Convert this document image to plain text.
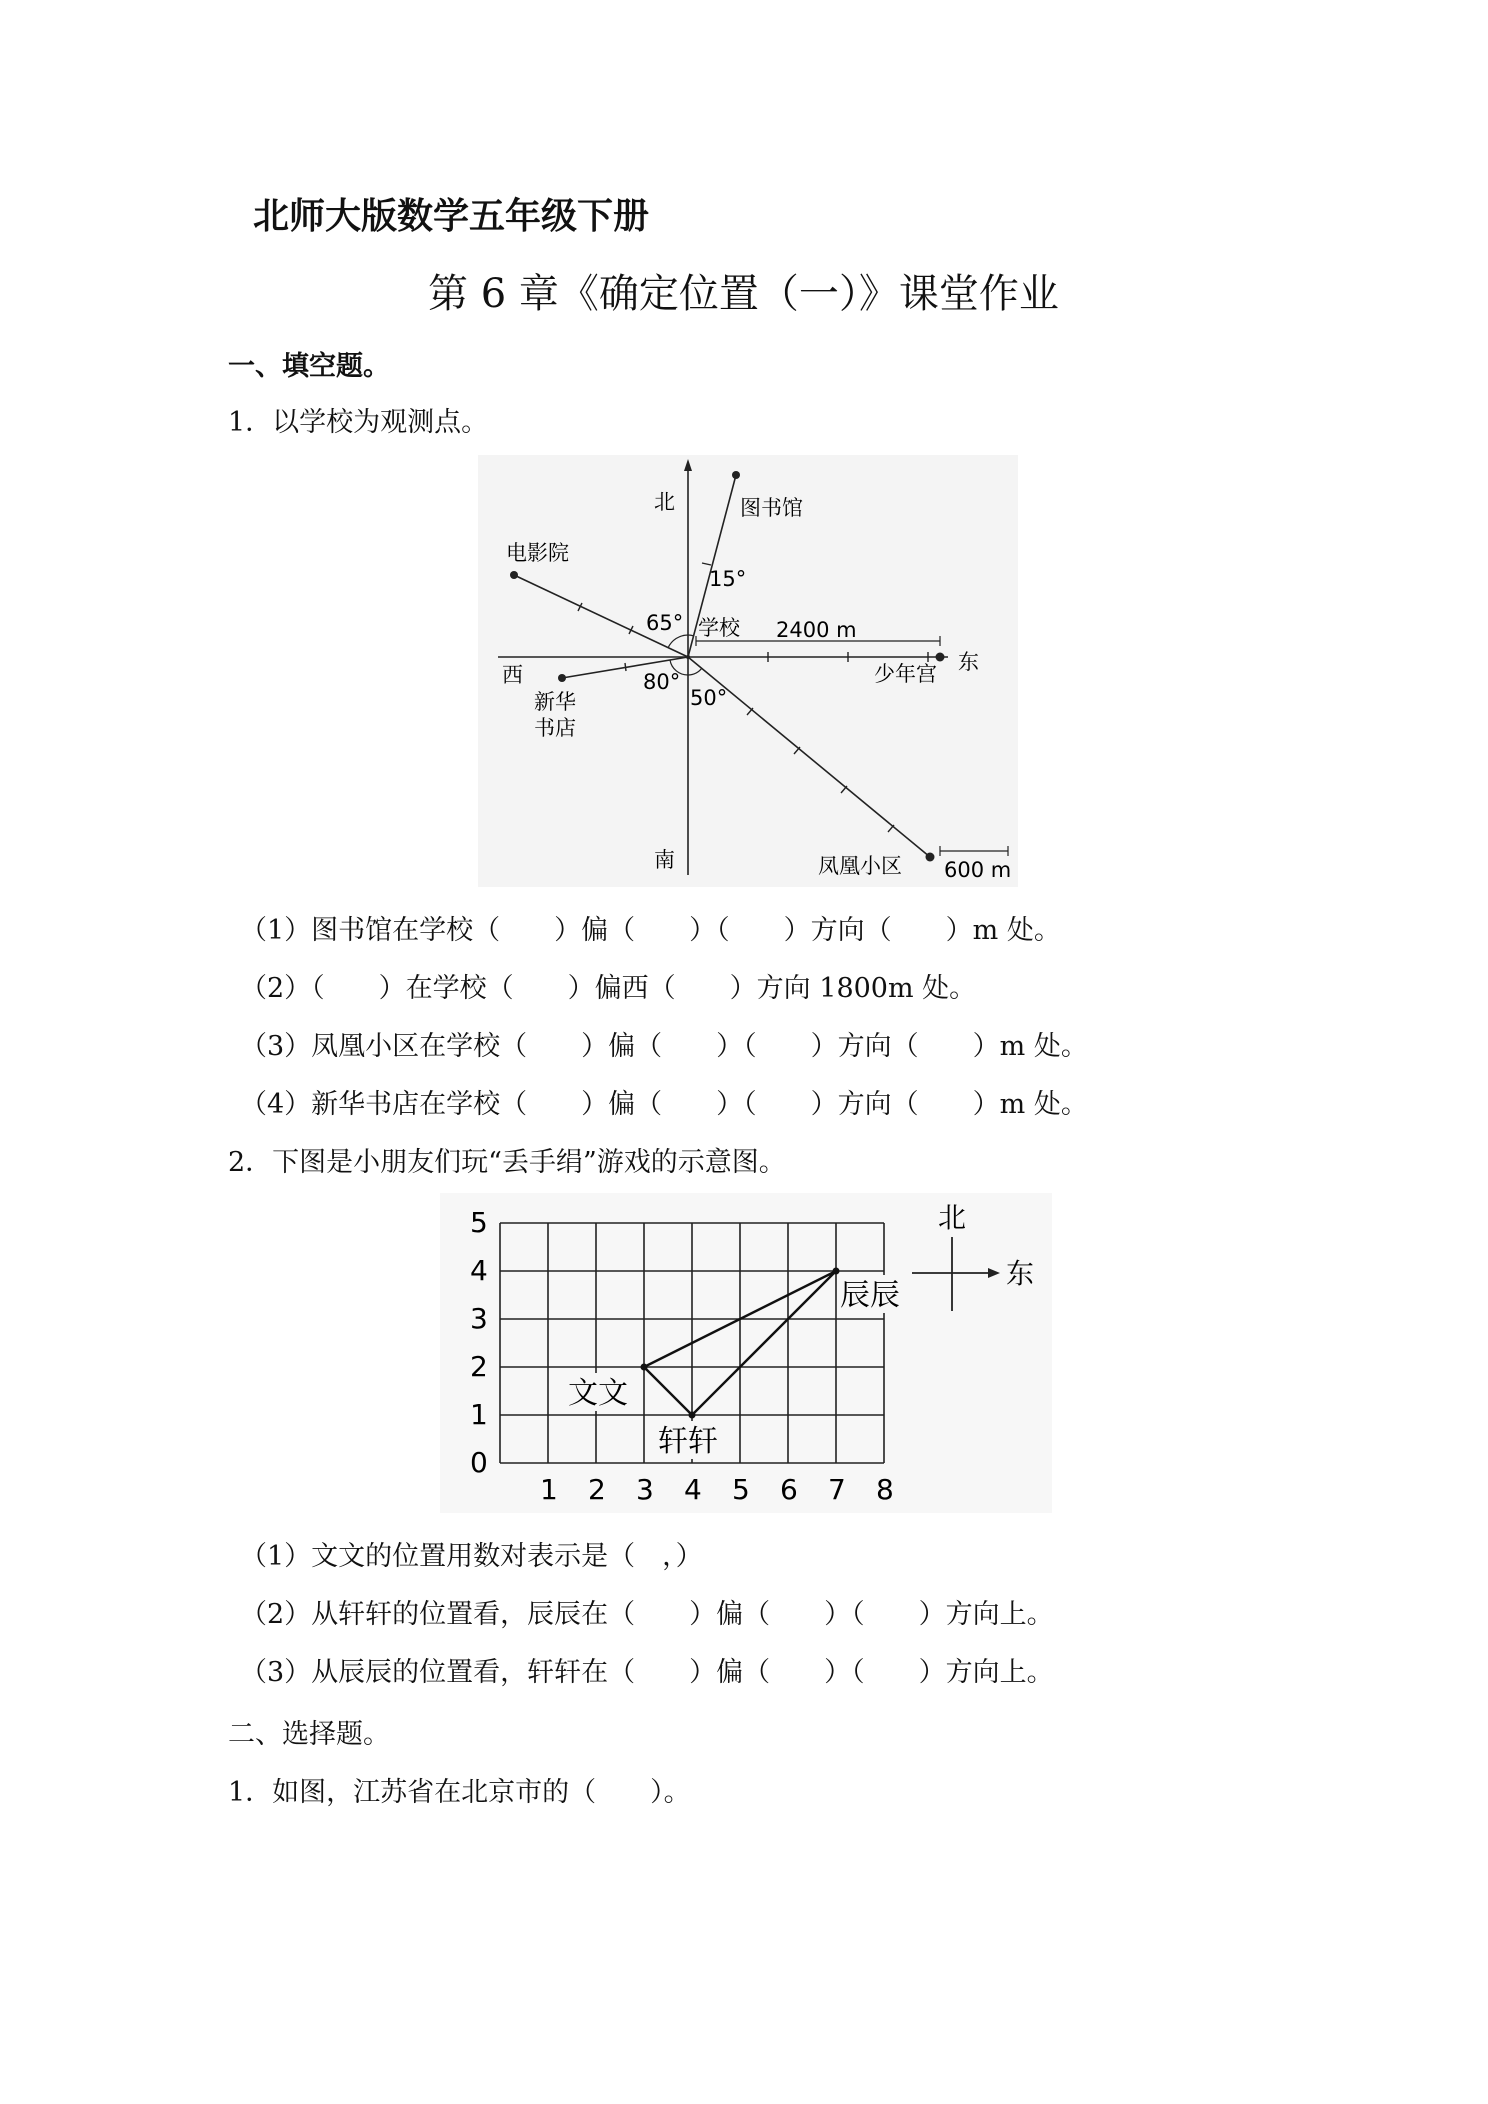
北师大版数学五年级下册
第 6 章《确定位置（一）》课堂作业
一、填空题。
1．以学校为观测点。
北
南
西
东
图书馆
电影院
新华
书店
少年宫
凤凰小区
学校 2400 m
15°
65°
80°
50°
600 m
（1）图书馆在学校（　　）偏（　　）（　　）方向（　　）m 处。
（2）（　　）在学校（　　）偏西（　　）方向 1800m 处。
（3）凤凰小区在学校（　　）偏（　　）（　　）方向（　　）m 处。
（4）新华书店在学校（　　）偏（　　）（　　）方向（　　）m 处。
2．下图是小朋友们玩“丢手绢”游戏的示意图。
0
1
2
3
4
5
1 2 3 4 5 6 7 8
文文
轩轩
辰辰
北
东
（1）文文的位置用数对表示是（　，）
（2）从轩轩的位置看，辰辰在（　　）偏（　　）（　　）方向上。
（3）从辰辰的位置看，轩轩在（　　）偏（　　）（　　）方向上。
二、选择题。
1．如图，江苏省在北京市的（　　）。
